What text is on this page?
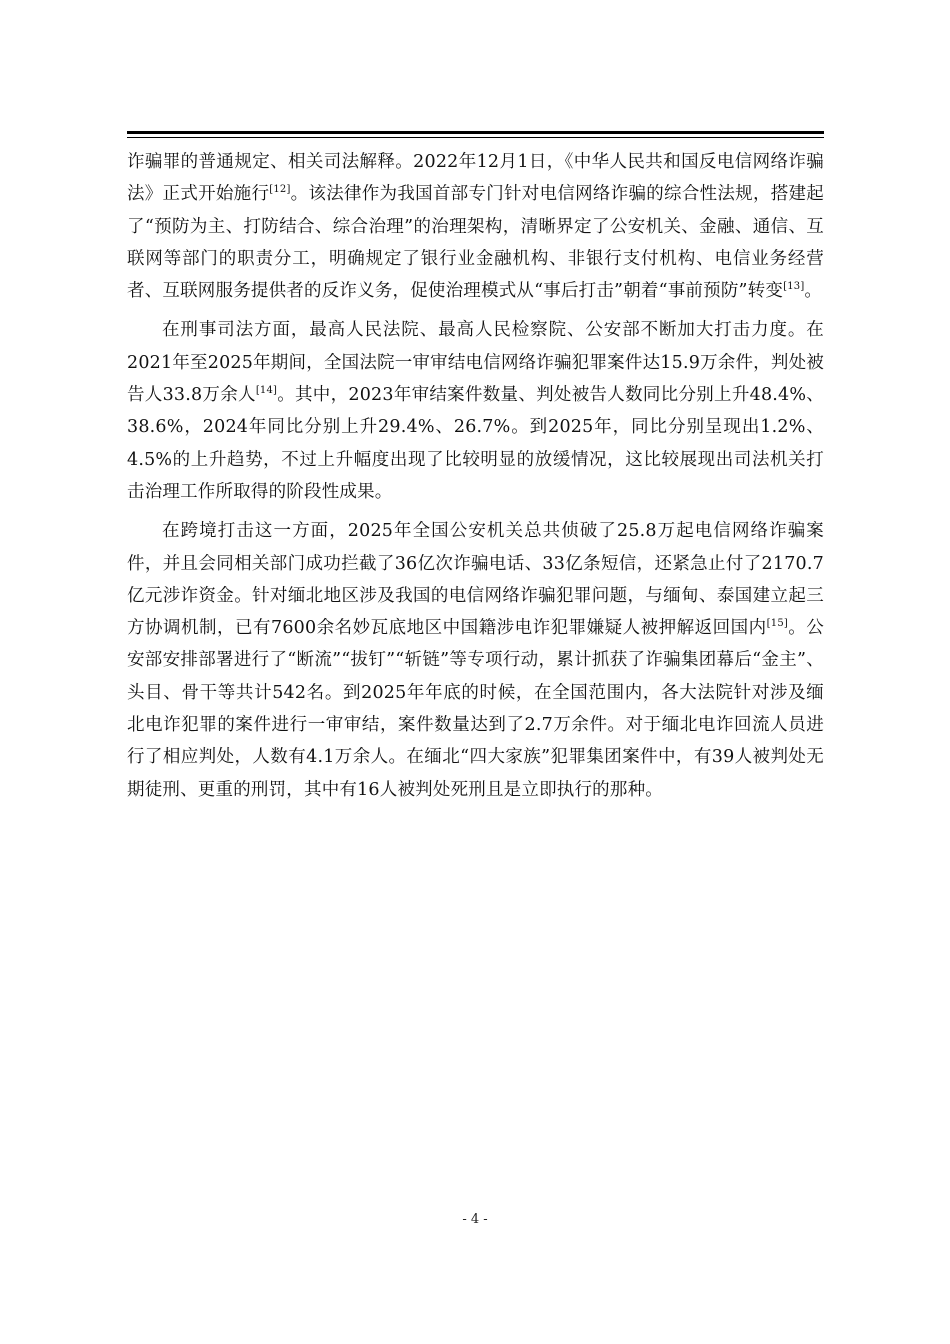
诈骗罪的普通规定、相关司法解释。2022年12月1日，《中华人民共和国反电信网络诈骗法》正式开始施行[12]。该法律作为我国首部专门针对电信网络诈骗的综合性法规，搭建起了“预防为主、打防结合、综合治理”的治理架构，清晰界定了公安机关、金融、通信、互联网等部门的职责分工，明确规定了银行业金融机构、非银行支付机构、电信业务经营者、互联网服务提供者的反诈义务，促使治理模式从“事后打击”朝着“事前预防”转变[13]。

在刑事司法方面，最高人民法院、最高人民检察院、公安部不断加大打击力度。在2021年至2025年期间，全国法院一审审结电信网络诈骗犯罪案件达15.9万余件，判处被告人33.8万余人[14]。其中，2023年审结案件数量、判处被告人数同比分别上升48.4%、38.6%，2024年同比分别上升29.4%、26.7%。到2025年，同比分别呈现出1.2%、4.5%的上升趋势，不过上升幅度出现了比较明显的放缓情况，这比较展现出司法机关打击治理工作所取得的阶段性成果。

在跨境打击这一方面，2025年全国公安机关总共侦破了25.8万起电信网络诈骗案件，并且会同相关部门成功拦截了36亿次诈骗电话、33亿条短信，还紧急止付了2170.7亿元涉诈资金。针对缅北地区涉及我国的电信网络诈骗犯罪问题，与缅甸、泰国建立起三方协调机制，已有7600余名妙瓦底地区中国籍涉电诈犯罪嫌疑人被押解返回国内[15]。公安部安排部署进行了“断流”“拔钉”“斩链”等专项行动，累计抓获了诈骗集团幕后“金主”、头目、骨干等共计542名。到2025年年底的时候，在全国范围内，各大法院针对涉及缅北电诈犯罪的案件进行一审审结，案件数量达到了2.7万余件。对于缅北电诈回流人员进行了相应判处，人数有4.1万余人。在缅北“四大家族”犯罪集团案件中，有39人被判处无期徒刑、更重的刑罚，其中有16人被判处死刑且是立即执行的那种。

- 4 -
